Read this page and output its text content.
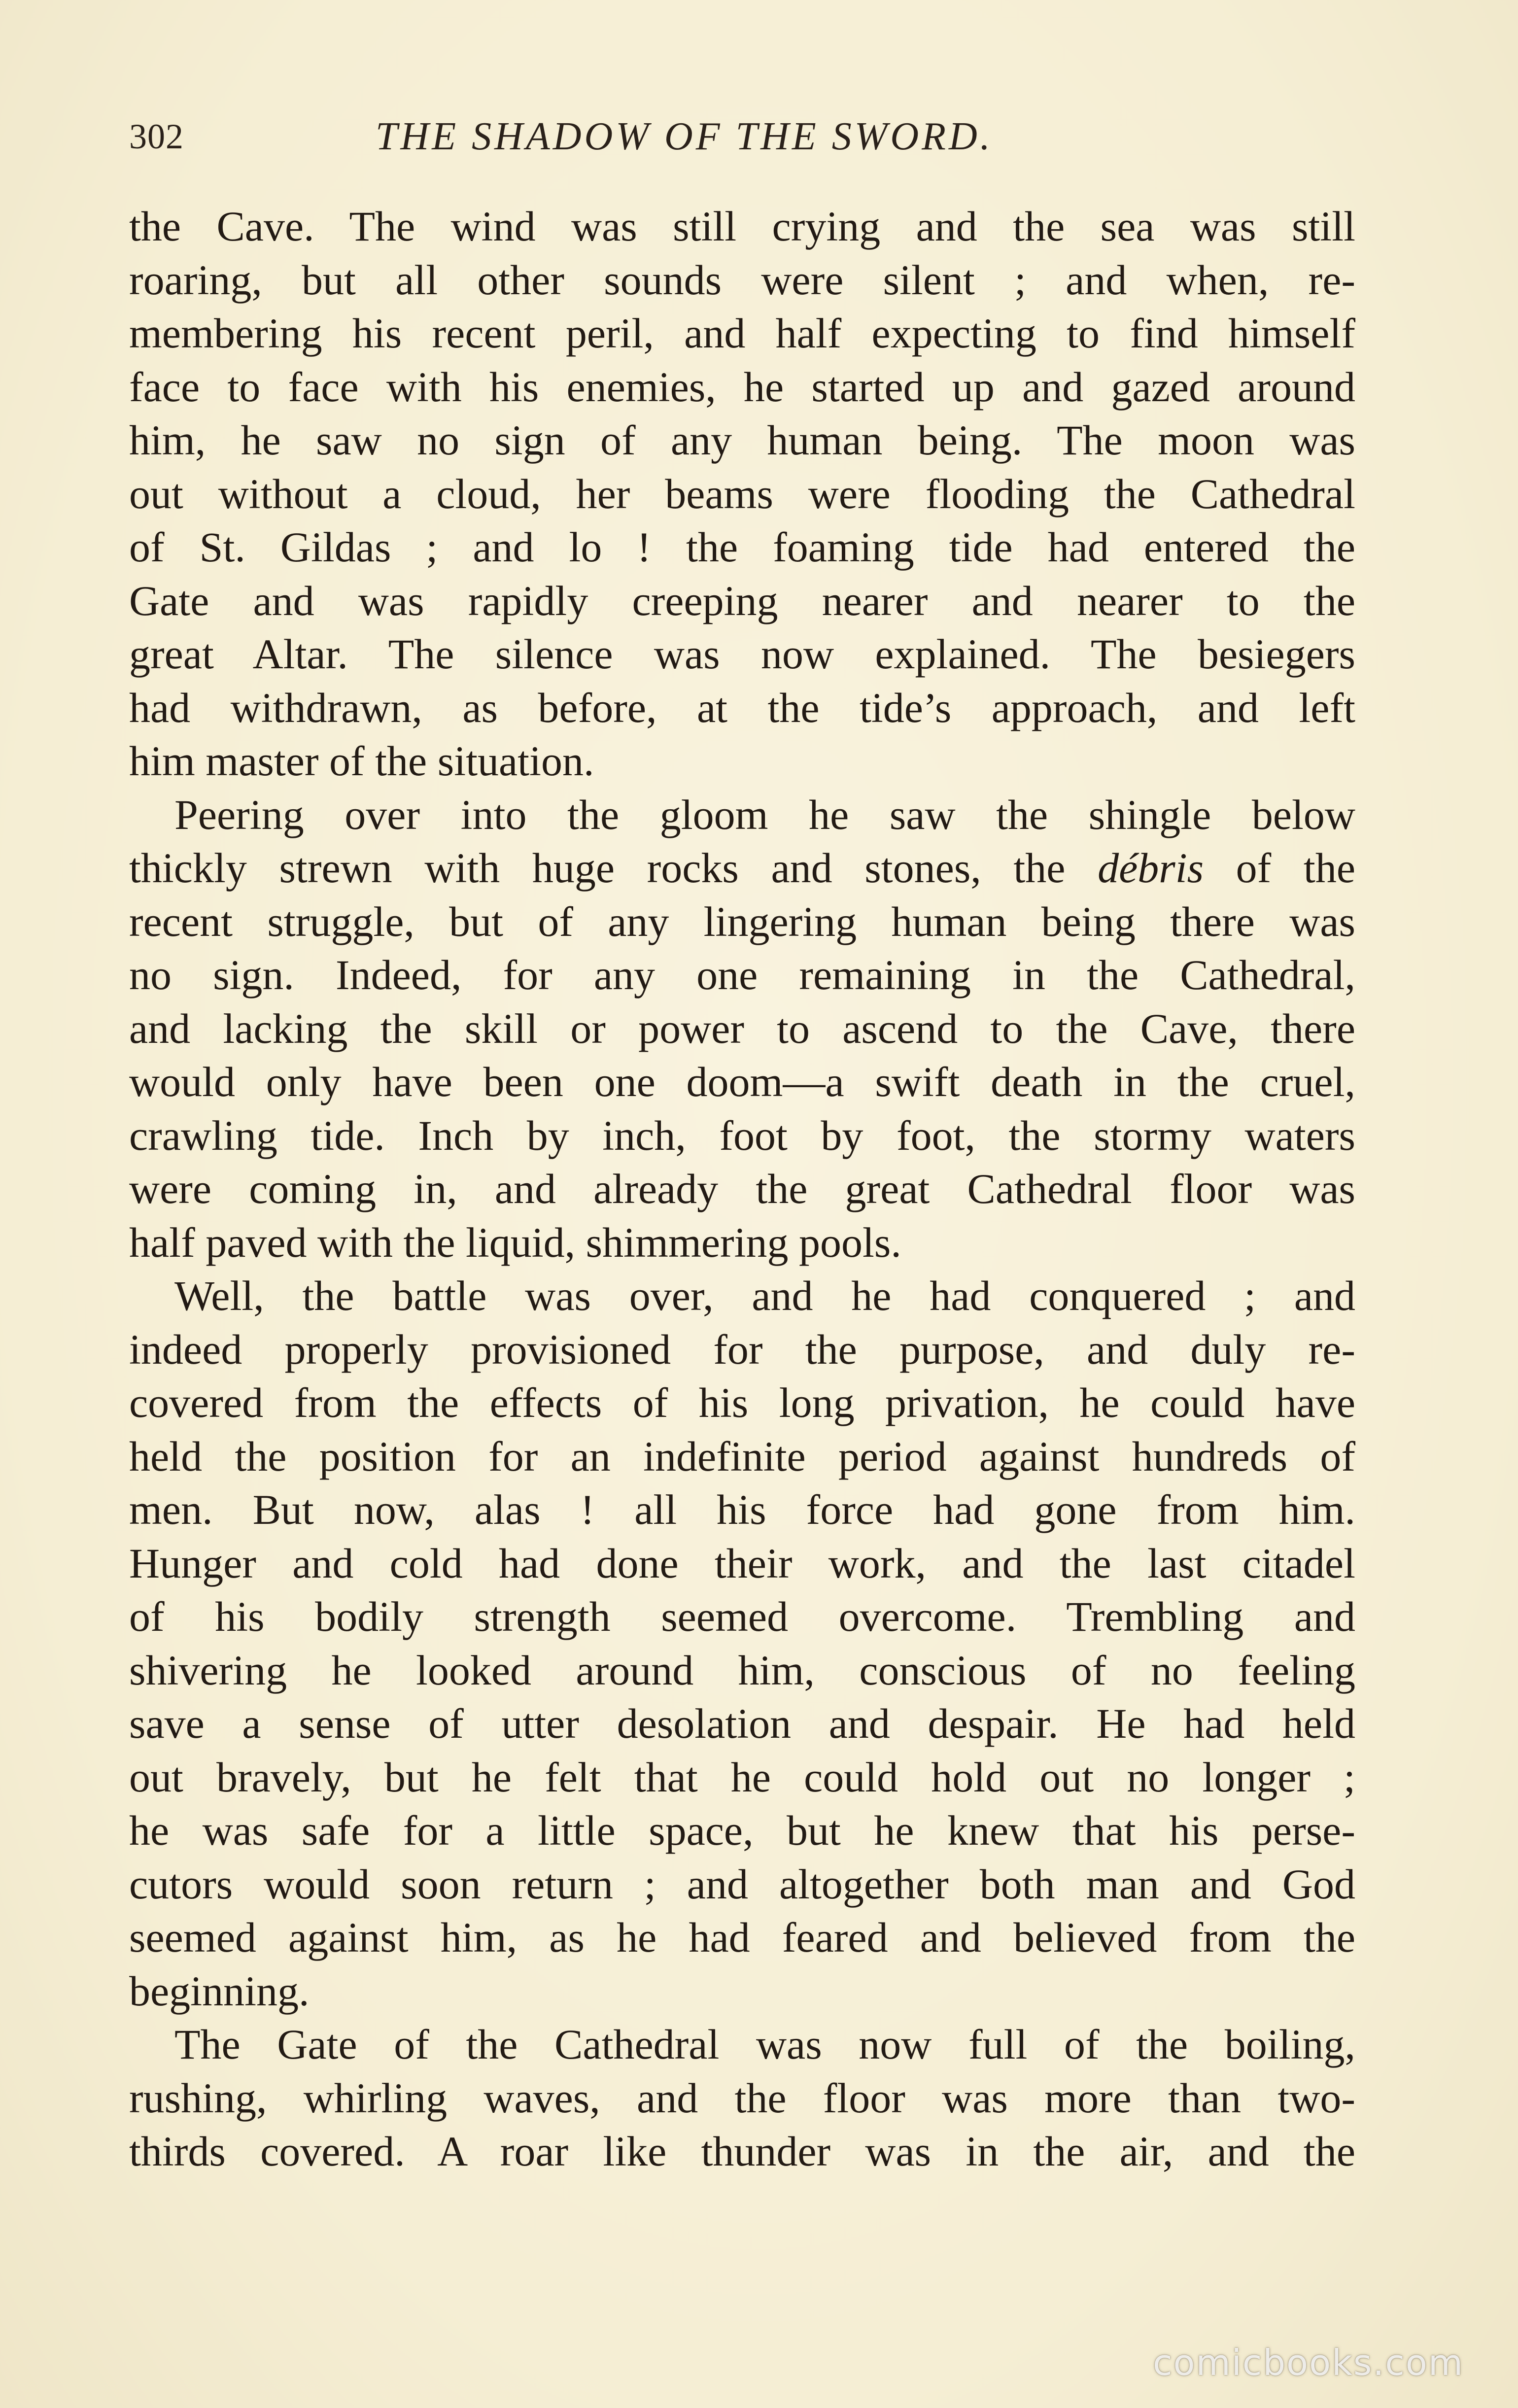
302	THE SHADOW OF THE SWORD.

the Cave. The wind was still crying and the sea was still
roaring, but all other sounds were silent ; and when, re-
membering his recent peril, and half expecting to find himself
face to face with his enemies, he started up and gazed around
him, he saw no sign of any human being. The moon was
out without a cloud, her beams were flooding the Cathedral
of St. Gildas ; and lo ! the foaming tide had entered the
Gate and was rapidly creeping nearer and nearer to the
great Altar. The silence was now explained. The besiegers
had withdrawn, as before, at the tide’s approach, and left
him master of the situation.

Peering over into the gloom he saw the shingle below
thickly strewn with huge rocks and stones, the débris of the
recent struggle, but of any lingering human being there was
no sign. Indeed, for any one remaining in the Cathedral,
and lacking the skill or power to ascend to the Cave, there
would only have been one doom—a swift death in the cruel,
crawling tide. Inch by inch, foot by foot, the stormy waters
were coming in, and already the great Cathedral floor was
half paved with the liquid, shimmering pools.

Well, the battle was over, and he had conquered ; and
indeed properly provisioned for the purpose, and duly re-
covered from the effects of his long privation, he could have
held the position for an indefinite period against hundreds of
men. But now, alas ! all his force had gone from him.
Hunger and cold had done their work, and the last citadel
of his bodily strength seemed overcome. Trembling and
shivering he looked around him, conscious of no feeling
save a sense of utter desolation and despair. He had held
out bravely, but he felt that he could hold out no longer ;
he was safe for a little space, but he knew that his perse-
cutors would soon return ; and altogether both man and God
seemed against him, as he had feared and believed from the
beginning.

The Gate of the Cathedral was now full of the boiling,
rushing, whirling waves, and the floor was more than two-
thirds covered. A roar like thunder was in the air, and the

comicbooks.com
